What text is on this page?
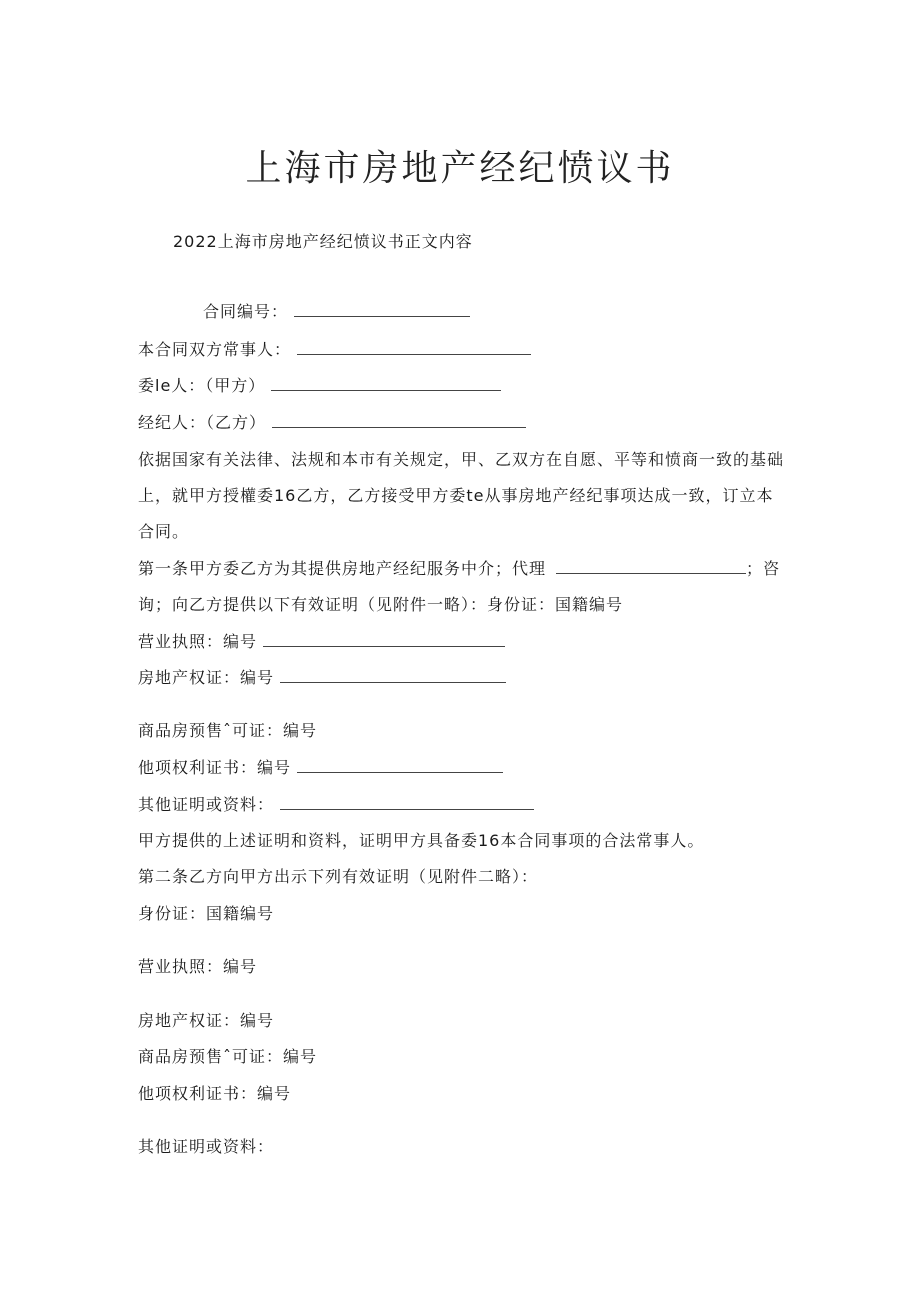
上海市房地产经纪愤议书
2022上海市房地产经纪愤议书正文内容
合同编号：
本合同双方常事人：
委le人：（甲方）
经纪人：（乙方）
依据国家有关法律、法规和本市有关规定，甲、乙双方在自愿、平等和愤商一致的基础
上，就甲方授權委16乙方，乙方接受甲方委te从事房地产经纪事项达成一致，订立本
合同。
第一条甲方委乙方为其提供房地产经纪服务中介；代理	；咨
询；向乙方提供以下有效证明（见附件一略）：身份证：国籍编号
营业执照：编号
房地产权证：编号
商品房预售ˆ可证：编号
他项权利证书：编号
其他证明或资料：
甲方提供的上述证明和资料，证明甲方具备委16本合同事项的合法常事人。
第二条乙方向甲方出示下列有效证明（见附件二略）：
身份证：国籍编号
营业执照：编号
房地产权证：编号
商品房预售ˆ可证：编号
他项权利证书：编号
其他证明或资料：
